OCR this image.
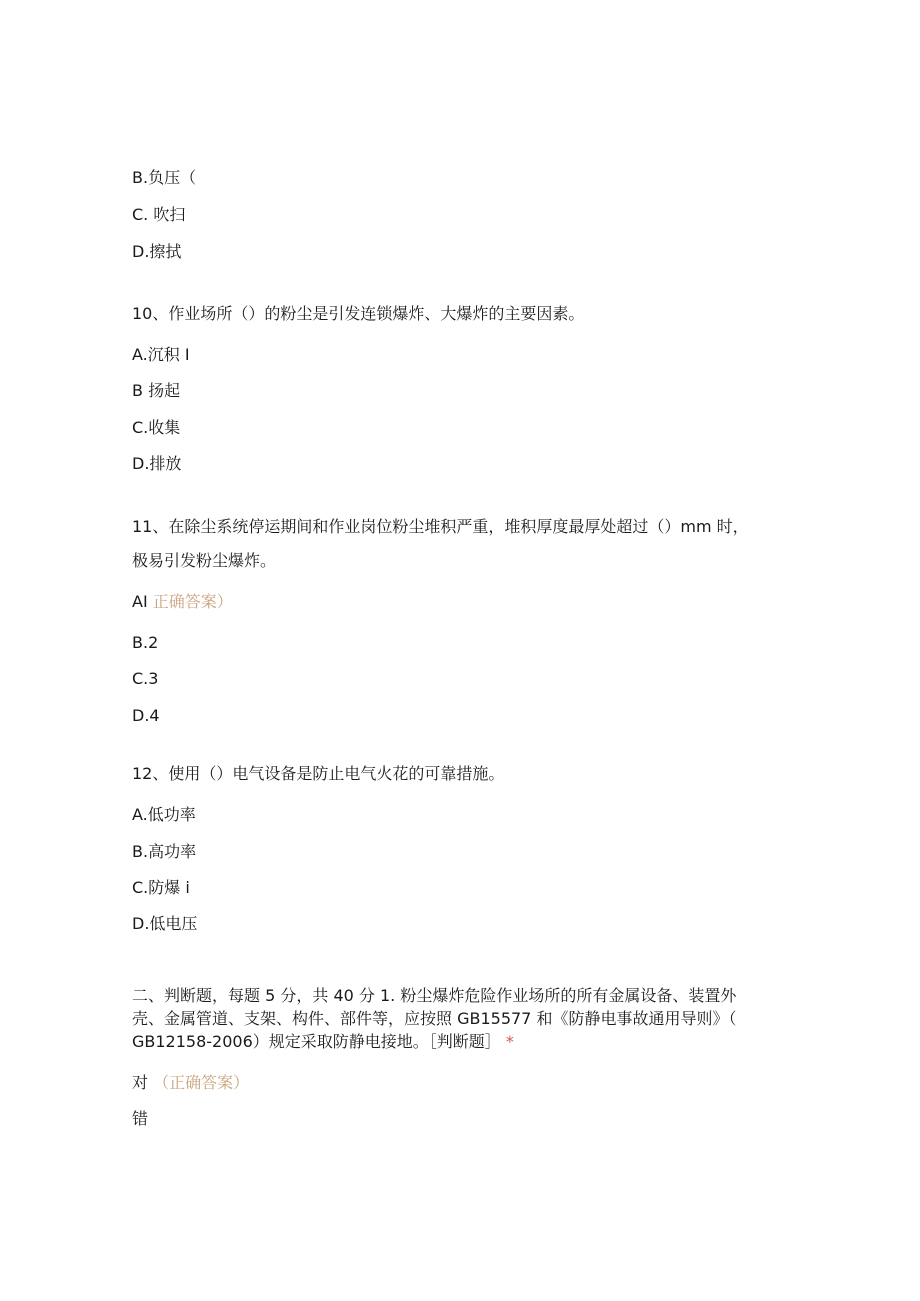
B.负压（
C. 吹扫
D.擦拭
10、作业场所（）的粉尘是引发连锁爆炸、大爆炸的主要因素。
A.沉积 I
B 扬起
C.收集
D.排放
11、在除尘系统停运期间和作业岗位粉尘堆积严重，堆积厚度最厚处超过（）mm 时，
极易引发粉尘爆炸。
AI 正确答案）
B.2
C.3
D.4
12、使用（）电气设备是防止电气火花的可靠措施。
A.低功率
B.高功率
C.防爆 i
D.低电压
二、判断题，每题 5 分，共 40 分 1. 粉尘爆炸危险作业场所的所有金属设备、装置外
壳、金属管道、支架、构件、部件等，应按照 GB15577 和《防静电事故通用导则》（
GB12158-2006）规定采取防静电接地。［判断题］ *
对 （正确答案）
错
